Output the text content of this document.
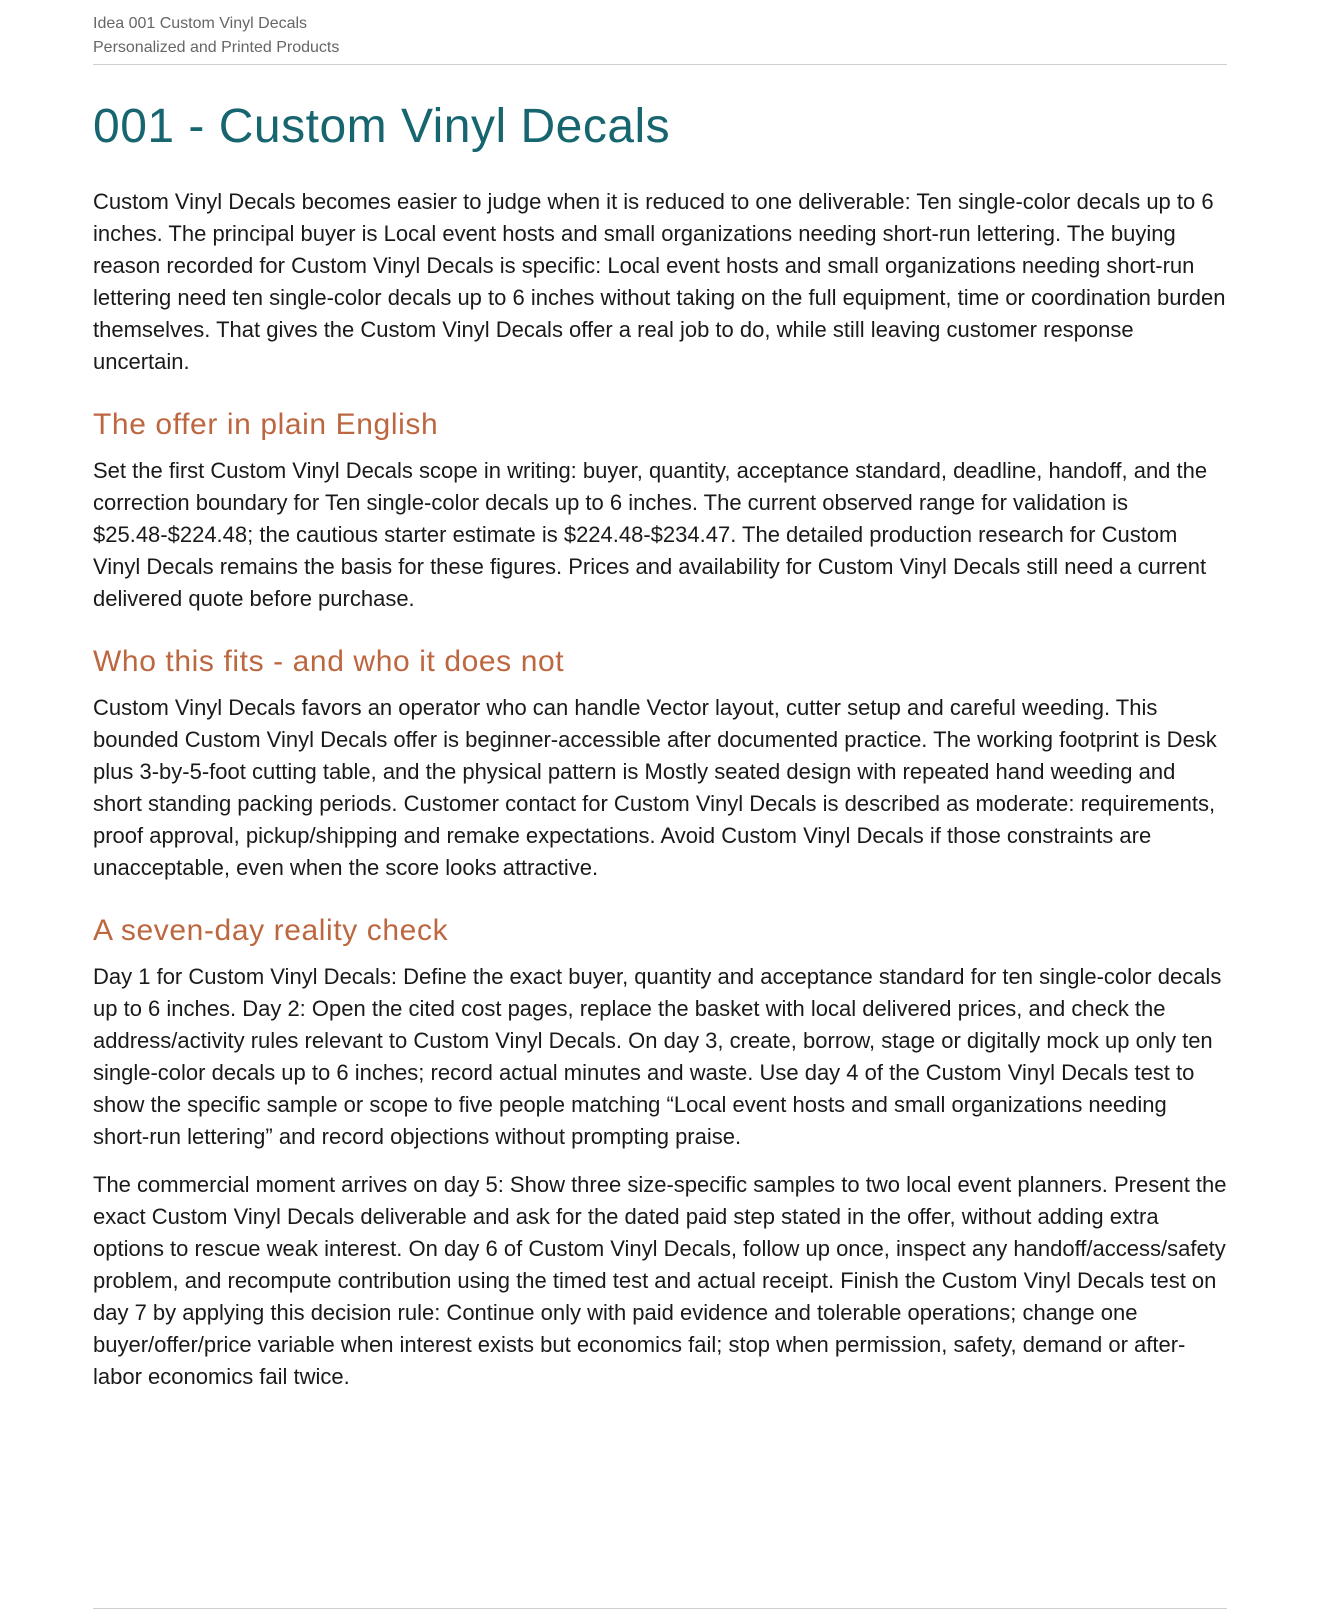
Idea 001 Custom Vinyl Decals

Personalized and Printed Products

001 - Custom Vinyl Decals

Custom Vinyl Decals becomes easier to judge when it is reduced to one deliverable: Ten single-color decals up to 6 inches. The principal buyer is Local event hosts and small organizations needing short-run lettering. The buying reason recorded for Custom Vinyl Decals is specific: Local event hosts and small organizations needing short-run lettering need ten single-color decals up to 6 inches without taking on the full equipment, time or coordination burden themselves. That gives the Custom Vinyl Decals offer a real job to do, while still leaving customer response uncertain.

The offer in plain English

Set the first Custom Vinyl Decals scope in writing: buyer, quantity, acceptance standard, deadline, handoff, and the correction boundary for Ten single-color decals up to 6 inches. The current observed range for validation is $25.48-$224.48; the cautious starter estimate is $224.48-$234.47. The detailed production research for Custom Vinyl Decals remains the basis for these figures. Prices and availability for Custom Vinyl Decals still need a current delivered quote before purchase.

Who this fits - and who it does not

Custom Vinyl Decals favors an operator who can handle Vector layout, cutter setup and careful weeding. This bounded Custom Vinyl Decals offer is beginner-accessible after documented practice. The working footprint is Desk plus 3-by-5-foot cutting table, and the physical pattern is Mostly seated design with repeated hand weeding and short standing packing periods. Customer contact for Custom Vinyl Decals is described as moderate: requirements, proof approval, pickup/shipping and remake expectations. Avoid Custom Vinyl Decals if those constraints are unacceptable, even when the score looks attractive.

A seven-day reality check

Day 1 for Custom Vinyl Decals: Define the exact buyer, quantity and acceptance standard for ten single-color decals up to 6 inches. Day 2: Open the cited cost pages, replace the basket with local delivered prices, and check the address/activity rules relevant to Custom Vinyl Decals. On day 3, create, borrow, stage or digitally mock up only ten single-color decals up to 6 inches; record actual minutes and waste. Use day 4 of the Custom Vinyl Decals test to show the specific sample or scope to five people matching “Local event hosts and small organizations needing short-run lettering” and record objections without prompting praise.

The commercial moment arrives on day 5: Show three size-specific samples to two local event planners. Present the exact Custom Vinyl Decals deliverable and ask for the dated paid step stated in the offer, without adding extra options to rescue weak interest. On day 6 of Custom Vinyl Decals, follow up once, inspect any handoff/access/safety problem, and recompute contribution using the timed test and actual receipt. Finish the Custom Vinyl Decals test on day 7 by applying this decision rule: Continue only with paid evidence and tolerable operations; change one buyer/offer/price variable when interest exists but economics fail; stop when permission, safety, demand or after-labor economics fail twice.
